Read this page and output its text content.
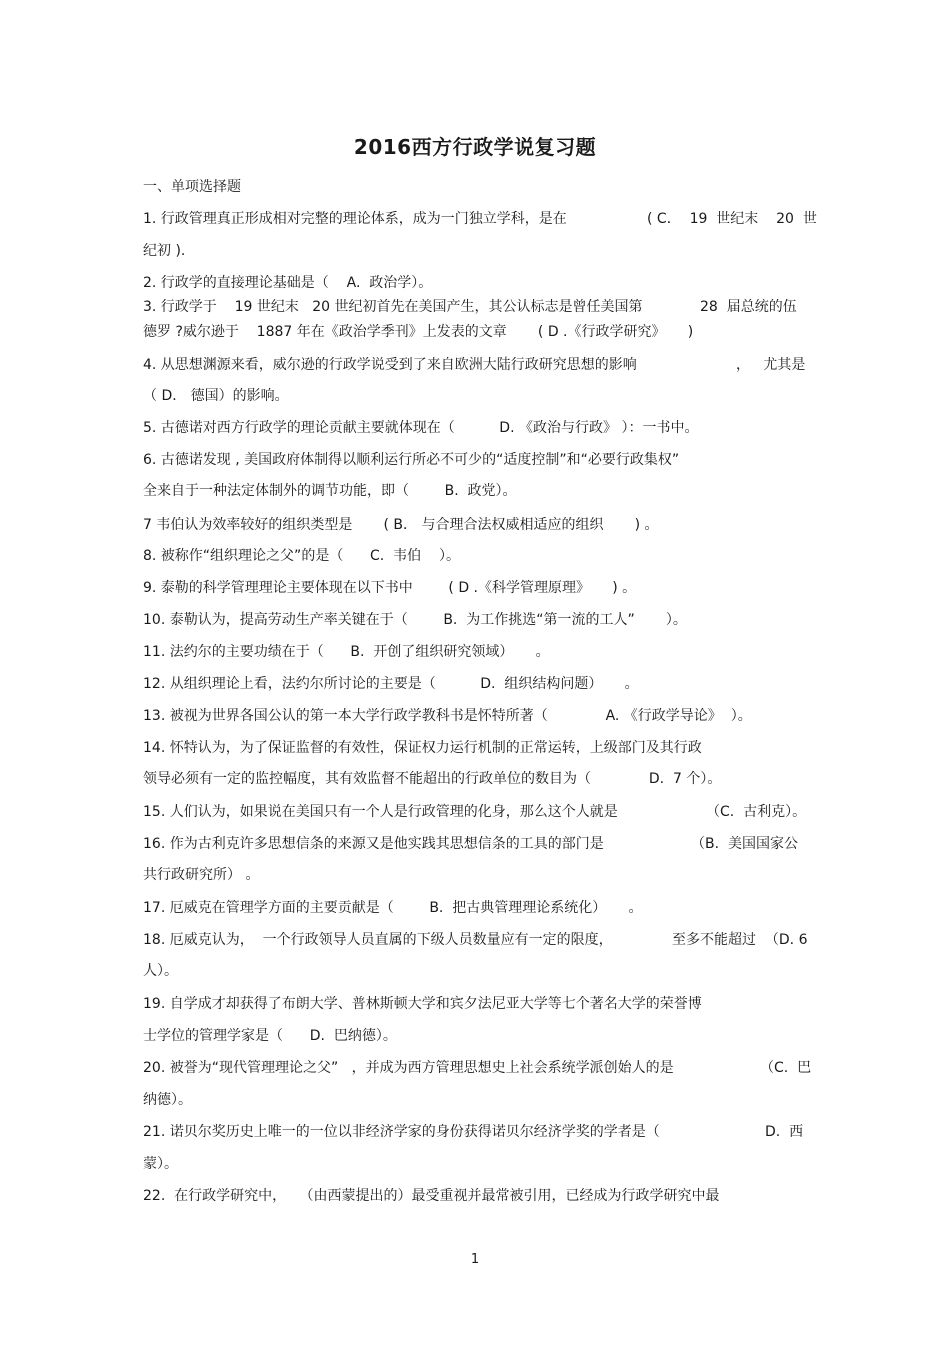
2016西方行政学说复习题
一、单项选择题
1. 行政管理真正形成相对完整的理论体系，成为一门独立学科，是在	( C．  19  世纪末    20  世
纪初 ).
2. 行政学的直接理论基础是（    A.  政治学）。
3. 行政学于    19 世纪末   20 世纪初首先在美国产生，其公认标志是曾任美国第	28  届总统的伍
德罗 ?威尔逊于    1887 年在《政治学季刊》上发表的文章       ( D .《行政学研究》     )
4. 从思想渊源来看，威尔逊的行政学说受到了来自欧洲大陆行政研究思想的影响	，   尤其是
（ D． 德国）的影响。
5. 古德诺对西方行政学的理论贡献主要就体现在（          D. 《政治与行政》 ）：一书中。
6. 古德诺发现 , 美国政府体制得以顺利运行所必不可少的“适度控制”和“必要行政集权”
全来自于一种法定体制外的调节功能，即（        B.  政党）。
7 韦伯认为效率较好的组织类型是       ( B． 与合理合法权威相适应的组织       ) 。
8. 被称作“组织理论之父”的是（      C.  韦伯    ）。
9. 泰勒的科学管理理论主要体现在以下书中        ( D .《科学管理原理》     ) 。
10. 泰勒认为，提高劳动生产率关键在于（        B.  为工作挑选“第一流的工人”       ）。
11. 法约尔的主要功绩在于（      B.  开创了组织研究领域）     。
12. 从组织理论上看，法约尔所讨论的主要是（          D.  组织结构问题）     。
13. 被视为世界各国公认的第一本大学行政学教科书是怀特所著（             A. 《行政学导论》  ）。
14. 怀特认为，为了保证监督的有效性，保证权力运行机制的正常运转，上级部门及其行政
领导必须有一定的监控幅度，其有效监督不能超出的行政单位的数目为（             D.  7 个）。
15. 人们认为，如果说在美国只有一个人是行政管理的化身，那么这个人就是	（C.  古利克）。
16. 作为古利克许多思想信条的来源又是他实践其思想信条的工具的部门是	（B.  美国国家公
共行政研究所） 。
17. 厄威克在管理学方面的主要贡献是（        B.  把古典管理理论系统化）     。
18. 厄威克认为，  一个行政领导人员直属的下级人员数量应有一定的限度，	至多不能超过  （D. 6
人）。
19. 自学成才却获得了布朗大学、普林斯顿大学和宾夕法尼亚大学等七个著名大学的荣誉博
士学位的管理学家是（      D.  巴纳德）。
20. 被誉为“现代管理理论之父”   ，并成为西方管理思想史上社会系统学派创始人的是	（C.  巴
纳德）。
21. 诺贝尔奖历史上唯一的一位以非经济学家的身份获得诺贝尔经济学奖的学者是（	D.  西
蒙）。
22.  在行政学研究中，   （由西蒙提出的）最受重视并最常被引用，已经成为行政学研究中最
1
